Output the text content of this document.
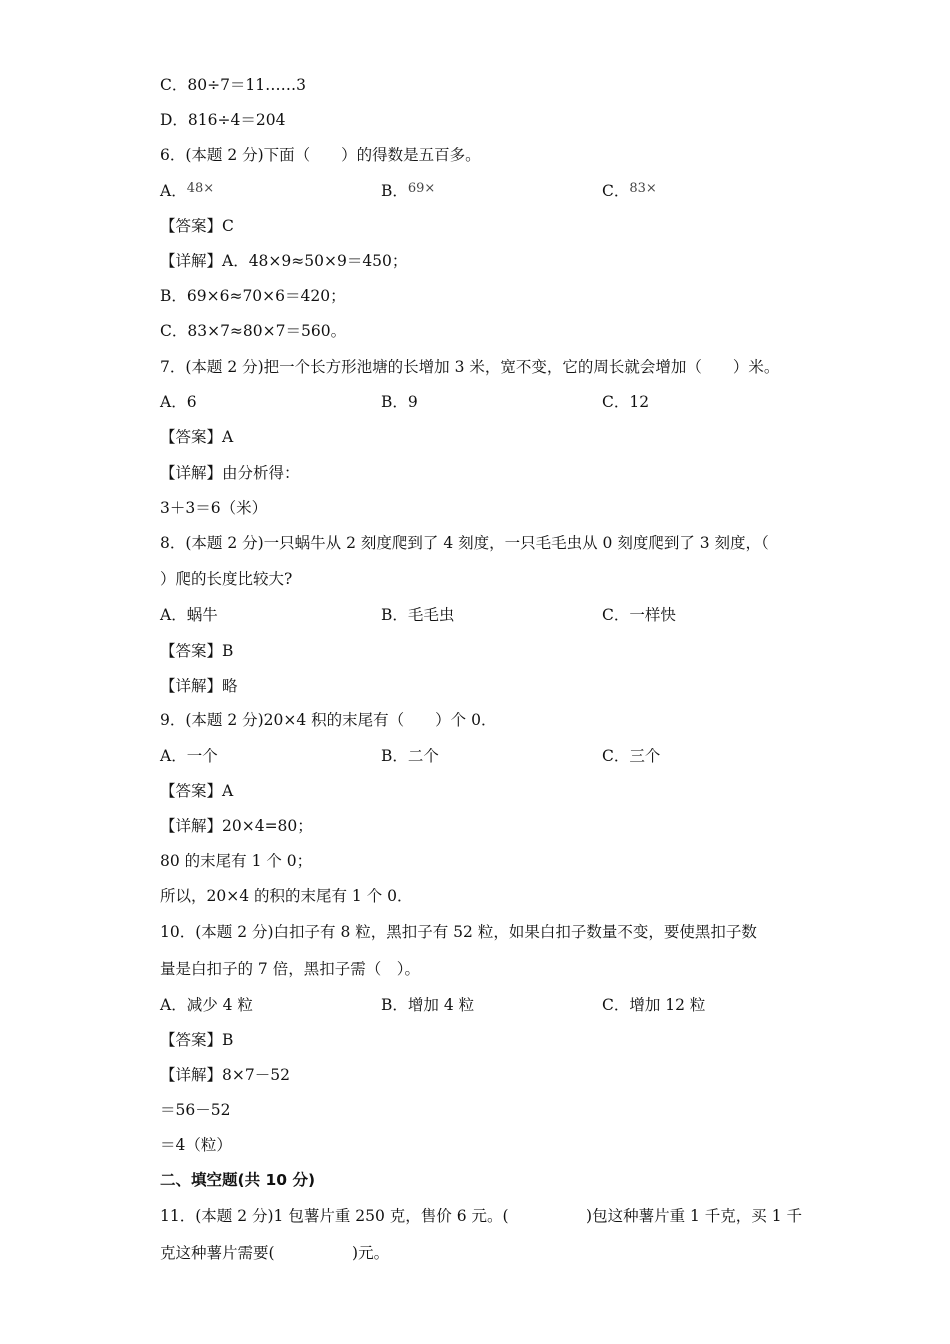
C．80÷7＝11……3
D．816÷4＝204
6．(本题 2 分)下面（　　）的得数是五百多。
A．$^{48\times}$	B．$^{69\times}$	C．$^{83\times}$
【答案】C
【详解】A．48×9≈50×9＝450；
B．69×6≈70×6＝420；
C．83×7≈80×7＝560。
7．(本题 2 分)把一个长方形池塘的长增加 3 米，宽不变，它的周长就会增加（　　）米。
A．6	B．9	C．12
【答案】A
【详解】由分析得：
3＋3＝6（米）
8．(本题 2 分)一只蜗牛从 2 刻度爬到了 4 刻度，一只毛毛虫从 0 刻度爬到了 3 刻度，（
）爬的长度比较大?
A．蜗牛	B．毛毛虫	C．一样快
【答案】B
【详解】略
9．(本题 2 分)20×4 积的末尾有（　　）个 0．
A．一个	B．二个	C．三个
【答案】A
【详解】20×4=80；
80 的末尾有 1 个 0；
所以，20×4 的积的末尾有 1 个 0．
10．(本题 2 分)白扣子有 8 粒，黑扣子有 52 粒，如果白扣子数量不变，要使黑扣子数
量是白扣子的 7 倍，黑扣子需（　）。
A．减少 4 粒	B．增加 4 粒	C．增加 12 粒
【答案】B
【详解】8×7－52
＝56－52
＝4（粒）
二、填空题(共 10 分)
11．(本题 2 分)1 包薯片重 250 克，售价 6 元。(　　　　　)包这种薯片重 1 千克，买 1 千
克这种薯片需要(　　　　　)元。
